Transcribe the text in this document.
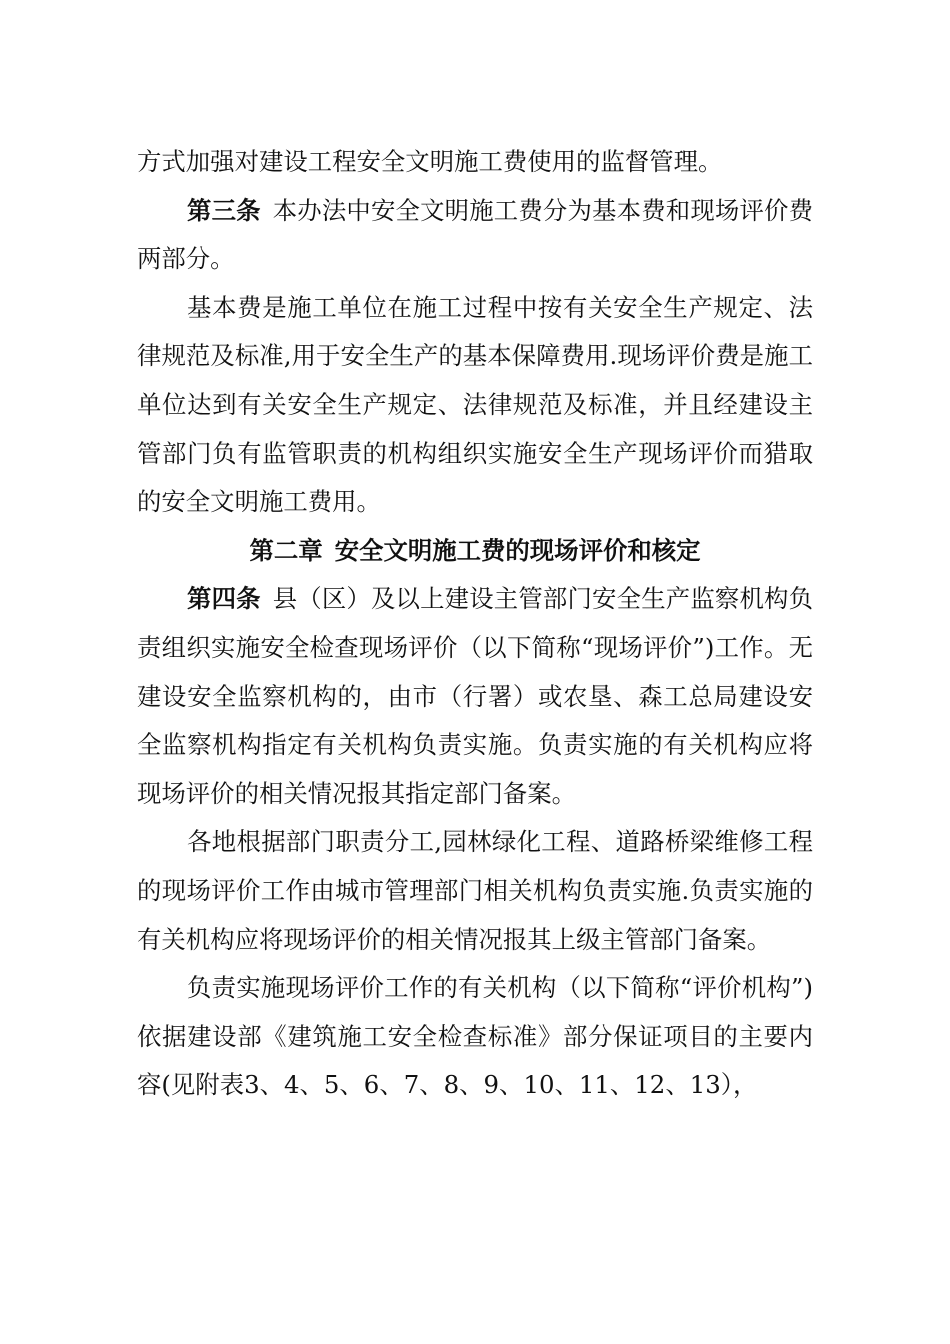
方式加强对建设工程安全文明施工费使用的监督管理。

第三条 本办法中安全文明施工费分为基本费和现场评价费两部分。

基本费是施工单位在施工过程中按有关安全生产规定、法律规范及标准,用于安全生产的基本保障费用.现场评价费是施工单位达到有关安全生产规定、法律规范及标准，并且经建设主管部门负有监管职责的机构组织实施安全生产现场评价而猎取的安全文明施工费用。

第二章 安全文明施工费的现场评价和核定

第四条 县（区）及以上建设主管部门安全生产监察机构负责组织实施安全检查现场评价（以下简称“现场评价”)工作。无建设安全监察机构的，由市（行署）或农垦、森工总局建设安全监察机构指定有关机构负责实施。负责实施的有关机构应将现场评价的相关情况报其指定部门备案。

各地根据部门职责分工,园林绿化工程、道路桥梁维修工程的现场评价工作由城市管理部门相关机构负责实施.负责实施的有关机构应将现场评价的相关情况报其上级主管部门备案。

负责实施现场评价工作的有关机构（以下简称“评价机构”)依据建设部《建筑施工安全检查标准》部分保证项目的主要内容(见附表3、4、5、6、7、8、9、10、11、12、13），
